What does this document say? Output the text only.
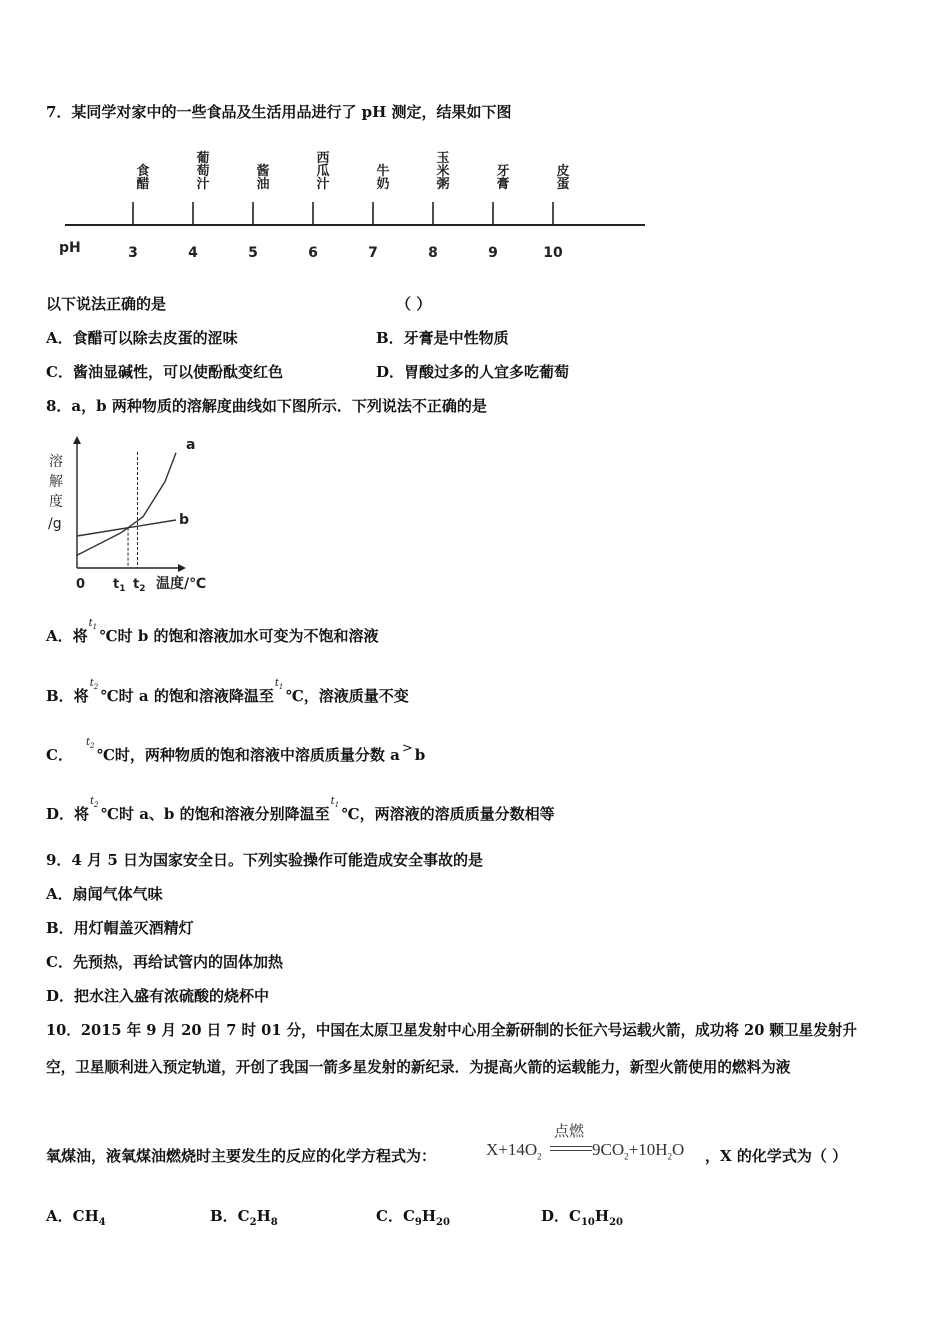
7．某同学对家中的一些食品及生活用品进行了 pH 测定，结果如下图
pH
食醋
葡萄汁
酱油
西瓜汁
牛奶
玉米粥
牙膏
皮蛋
3	4	5	6	7	8	9	10
以下说法正确的是	（ ）
A．食醋可以除去皮蛋的涩味	B．牙膏是中性物质
C．酱油显碱性，可以使酚酞变红色	D．胃酸过多的人宜多吃葡萄
8．a，b 两种物质的溶解度曲线如下图所示．下列说法不正确的是
溶
解
度
/g
a
b
0 $t_1$ $t_2$ 温度/℃
A．将
$t_1$ ℃时 b 的饱和溶液加水可变为不饱和溶液
B．将
$t_2$ ℃时 a 的饱和溶液降温至
$t_1$ ℃，溶液质量不变
C．
$t_2$ ℃时，两种物质的饱和溶液中溶质质量分数 a > b
D．将
$t_2$ ℃时 a、b 的饱和溶液分别降温至
$t_1$ ℃，两溶液的溶质质量分数相等
9．4 月 5 日为国家安全日。下列实验操作可能造成安全事故的是
A．扇闻气体气味
B．用灯帽盖灭酒精灯
C．先预热，再给试管内的固体加热
D．把水注入盛有浓硫酸的烧杯中
10．2015 年 9 月 20 日 7 时 01 分，中国在太原卫星发射中心用全新研制的长征六号运载火箭，成功将 20 颗卫星发射升
空，卫星顺利进入预定轨道，开创了我国一箭多星发射的新纪录．为提高火箭的运载能力，新型火箭使用的燃料为液
氧煤油，液氧煤油燃烧时主要发生的反应的化学方程式为：	$X+14O_2$
点燃
$9CO_2+10H_2O$ ，X 的化学式为（ ）
A．$CH_4$	B．$C_2H_8$	C．$C_9H_{20}$	D．$C_{10}H_{20}$
